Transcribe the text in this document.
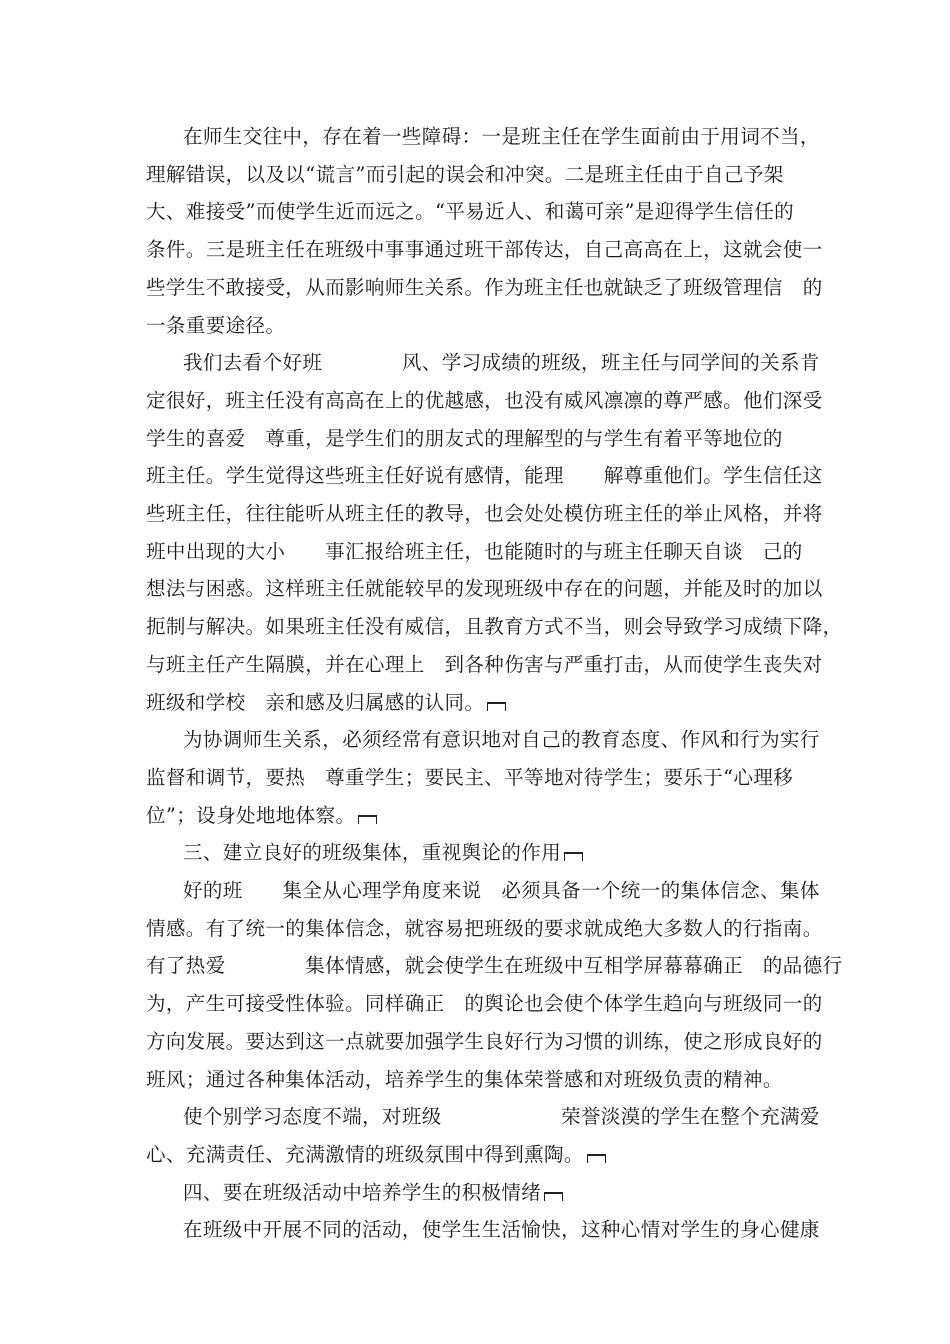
在师生交往中，存在着一些障碍：一是班主任在学生面前由于用词不当，

理解错误，以及以“谎言”而引起的误会和冲突。二是班主任由于自己予架

大、难接受”而使学生近而远之。“平易近人、和蔼可亲”是迎得学生信任的

条件。三是班主任在班级中事事通过班干部传达，自己高高在上，这就会使一

些学生不敢接受，从而影响师生关系。作为班主任也就缺乏了班级管理信　的

一条重要途径。

我们去看个好班　　　　风、学习成绩的班级，班主任与同学间的关系肯

定很好，班主任没有高高在上的优越感，也没有威风凛凛的尊严感。他们深受

学生的喜爱　尊重，是学生们的朋友式的理解型的与学生有着平等地位的

班主任。学生觉得这些班主任好说有感情，能理　　解尊重他们。学生信任这

些班主任，往往能听从班主任的教导，也会处处模仿班主任的举止风格，并将

班中出现的大小　　事汇报给班主任，也能随时的与班主任聊天自谈　己的

想法与困惑。这样班主任就能较早的发现班级中存在的问题，并能及时的加以

扼制与解决。如果班主任没有威信，且教育方式不当，则会导致学习成绩下降，

与班主任产生隔膜，并在心理上　到各种伤害与严重打击，从而使学生丧失对

班级和学校　亲和感及归属感的认同。

为协调师生关系，必须经常有意识地对自己的教育态度、作风和行为实行

监督和调节，要热　尊重学生；要民主、平等地对待学生；要乐于“心理移

位”；设身处地地体察。

三、建立良好的班级集体，重视舆论的作用

好的班　　集全从心理学角度来说　必须具备一个统一的集体信念、集体

情感。有了统一的集体信念，就容易把班级的要求就成绝大多数人的行指南。

有了热爱　　　　集体情感，就会使学生在班级中互相学屏幕幕确正　的品德行

为，产生可接受性体验。同样确正　的舆论也会使个体学生趋向与班级同一的

方向发展。要达到这一点就要加强学生良好行为习惯的训练，使之形成良好的

班风；通过各种集体活动，培养学生的集体荣誉感和对班级负责的精神。

使个别学习态度不端，对班级　　　　　　荣誉淡漠的学生在整个充满爱

心、充满责任、充满激情的班级氛围中得到熏陶。

四、要在班级活动中培养学生的积极情绪

在班级中开展不同的活动，使学生生活愉快，这种心情对学生的身心健康
